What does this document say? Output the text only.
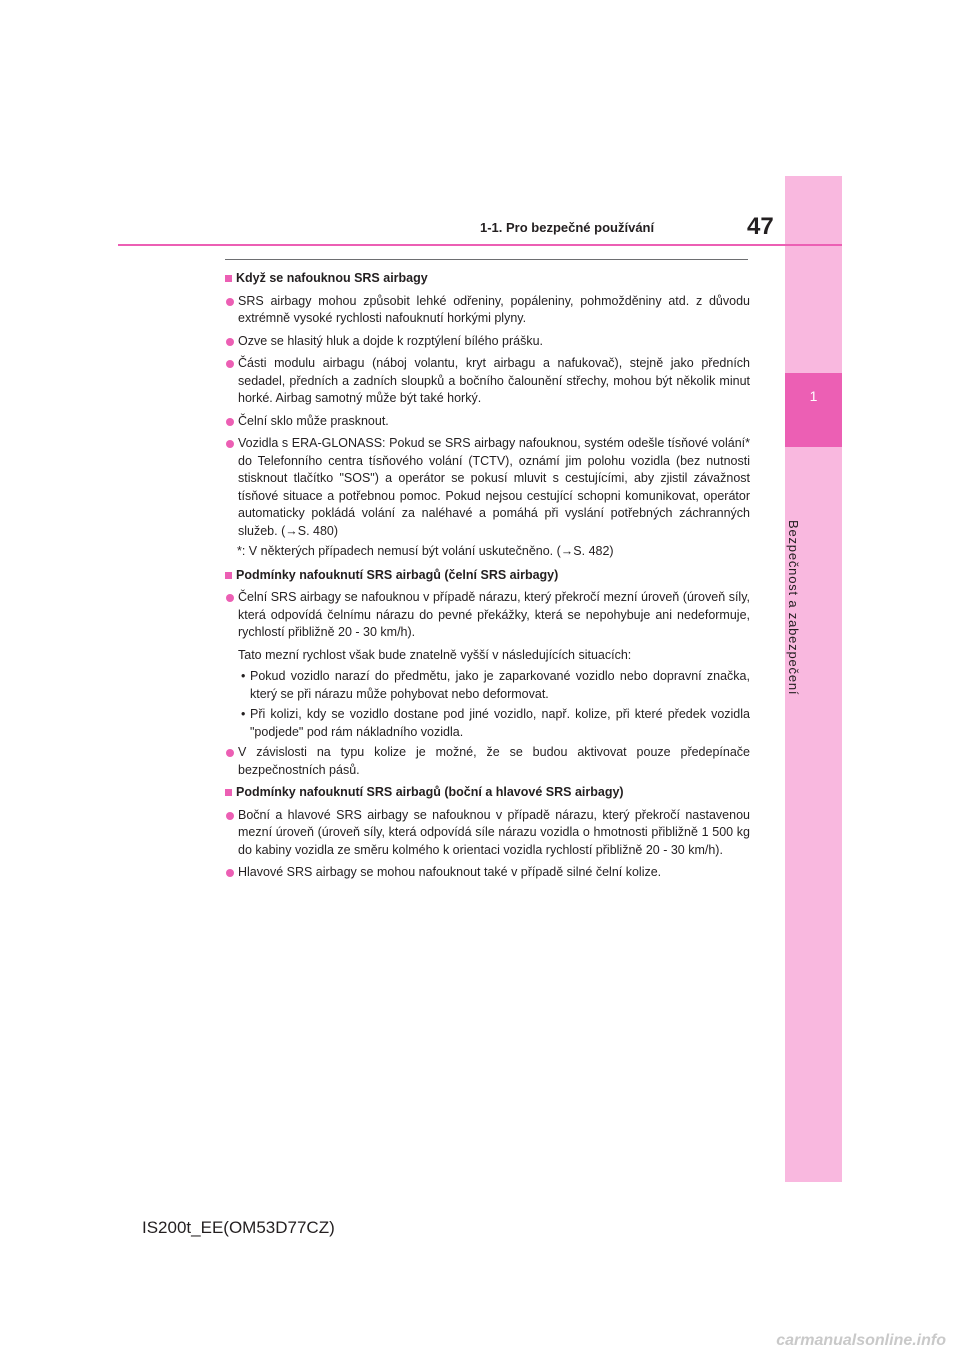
1
Bezpečnost a zabezpečení
1-1. Pro bezpečné používání	47

Když se nafouknou SRS airbagy

SRS airbagy mohou způsobit lehké odřeniny, popáleniny, pohmožděniny atd. z důvodu extrémně vysoké rychlosti nafouknutí horkými plyny.

Ozve se hlasitý hluk a dojde k rozptýlení bílého prášku.

Části modulu airbagu (náboj volantu, kryt airbagu a nafukovač), stejně jako předních sedadel, předních a zadních sloupků a bočního čalounění střechy, mohou být několik minut horké. Airbag samotný může být také horký.

Čelní sklo může prasknout.

Vozidla s ERA-GLONASS: Pokud se SRS airbagy nafouknou, systém odešle tísňové volání* do Telefonního centra tísňového volání (TCTV), oznámí jim polohu vozidla (bez nutnosti stisknout tlačítko "SOS") a operátor se pokusí mluvit s cestujícími, aby zjistil závažnost tísňové situace a potřebnou pomoc. Pokud nejsou cestující schopni komunikovat, operátor automaticky pokládá volání za naléhavé a pomáhá při vyslání potřebných záchranných služeb. (→S. 480)

*: V některých případech nemusí být volání uskutečněno. (→S. 482)

Podmínky nafouknutí SRS airbagů (čelní SRS airbagy)

Čelní SRS airbagy se nafouknou v případě nárazu, který překročí mezní úroveň (úroveň síly, která odpovídá čelnímu nárazu do pevné překážky, která se nepohybuje ani nedeformuje, rychlostí přibližně 20 - 30 km/h).

Tato mezní rychlost však bude znatelně vyšší v následujících situacích:

• Pokud vozidlo narazí do předmětu, jako je zaparkované vozidlo nebo dopravní značka, který se při nárazu může pohybovat nebo deformovat.

• Při kolizi, kdy se vozidlo dostane pod jiné vozidlo, např. kolize, při které předek vozidla "podjede" pod rám nákladního vozidla.

V závislosti na typu kolize je možné, že se budou aktivovat pouze předepínače bezpečnostních pásů.

Podmínky nafouknutí SRS airbagů (boční a hlavové SRS airbagy)

Boční a hlavové SRS airbagy se nafouknou v případě nárazu, který překročí nastavenou mezní úroveň (úroveň síly, která odpovídá síle nárazu vozidla o hmotnosti přibližně 1 500 kg do kabiny vozidla ze směru kolmého k orientaci vozidla rychlostí přibližně 20 - 30 km/h).

Hlavové SRS airbagy se mohou nafouknout také v případě silné čelní kolize.

IS200t_EE(OM53D77CZ)
carmanualsonline.info
